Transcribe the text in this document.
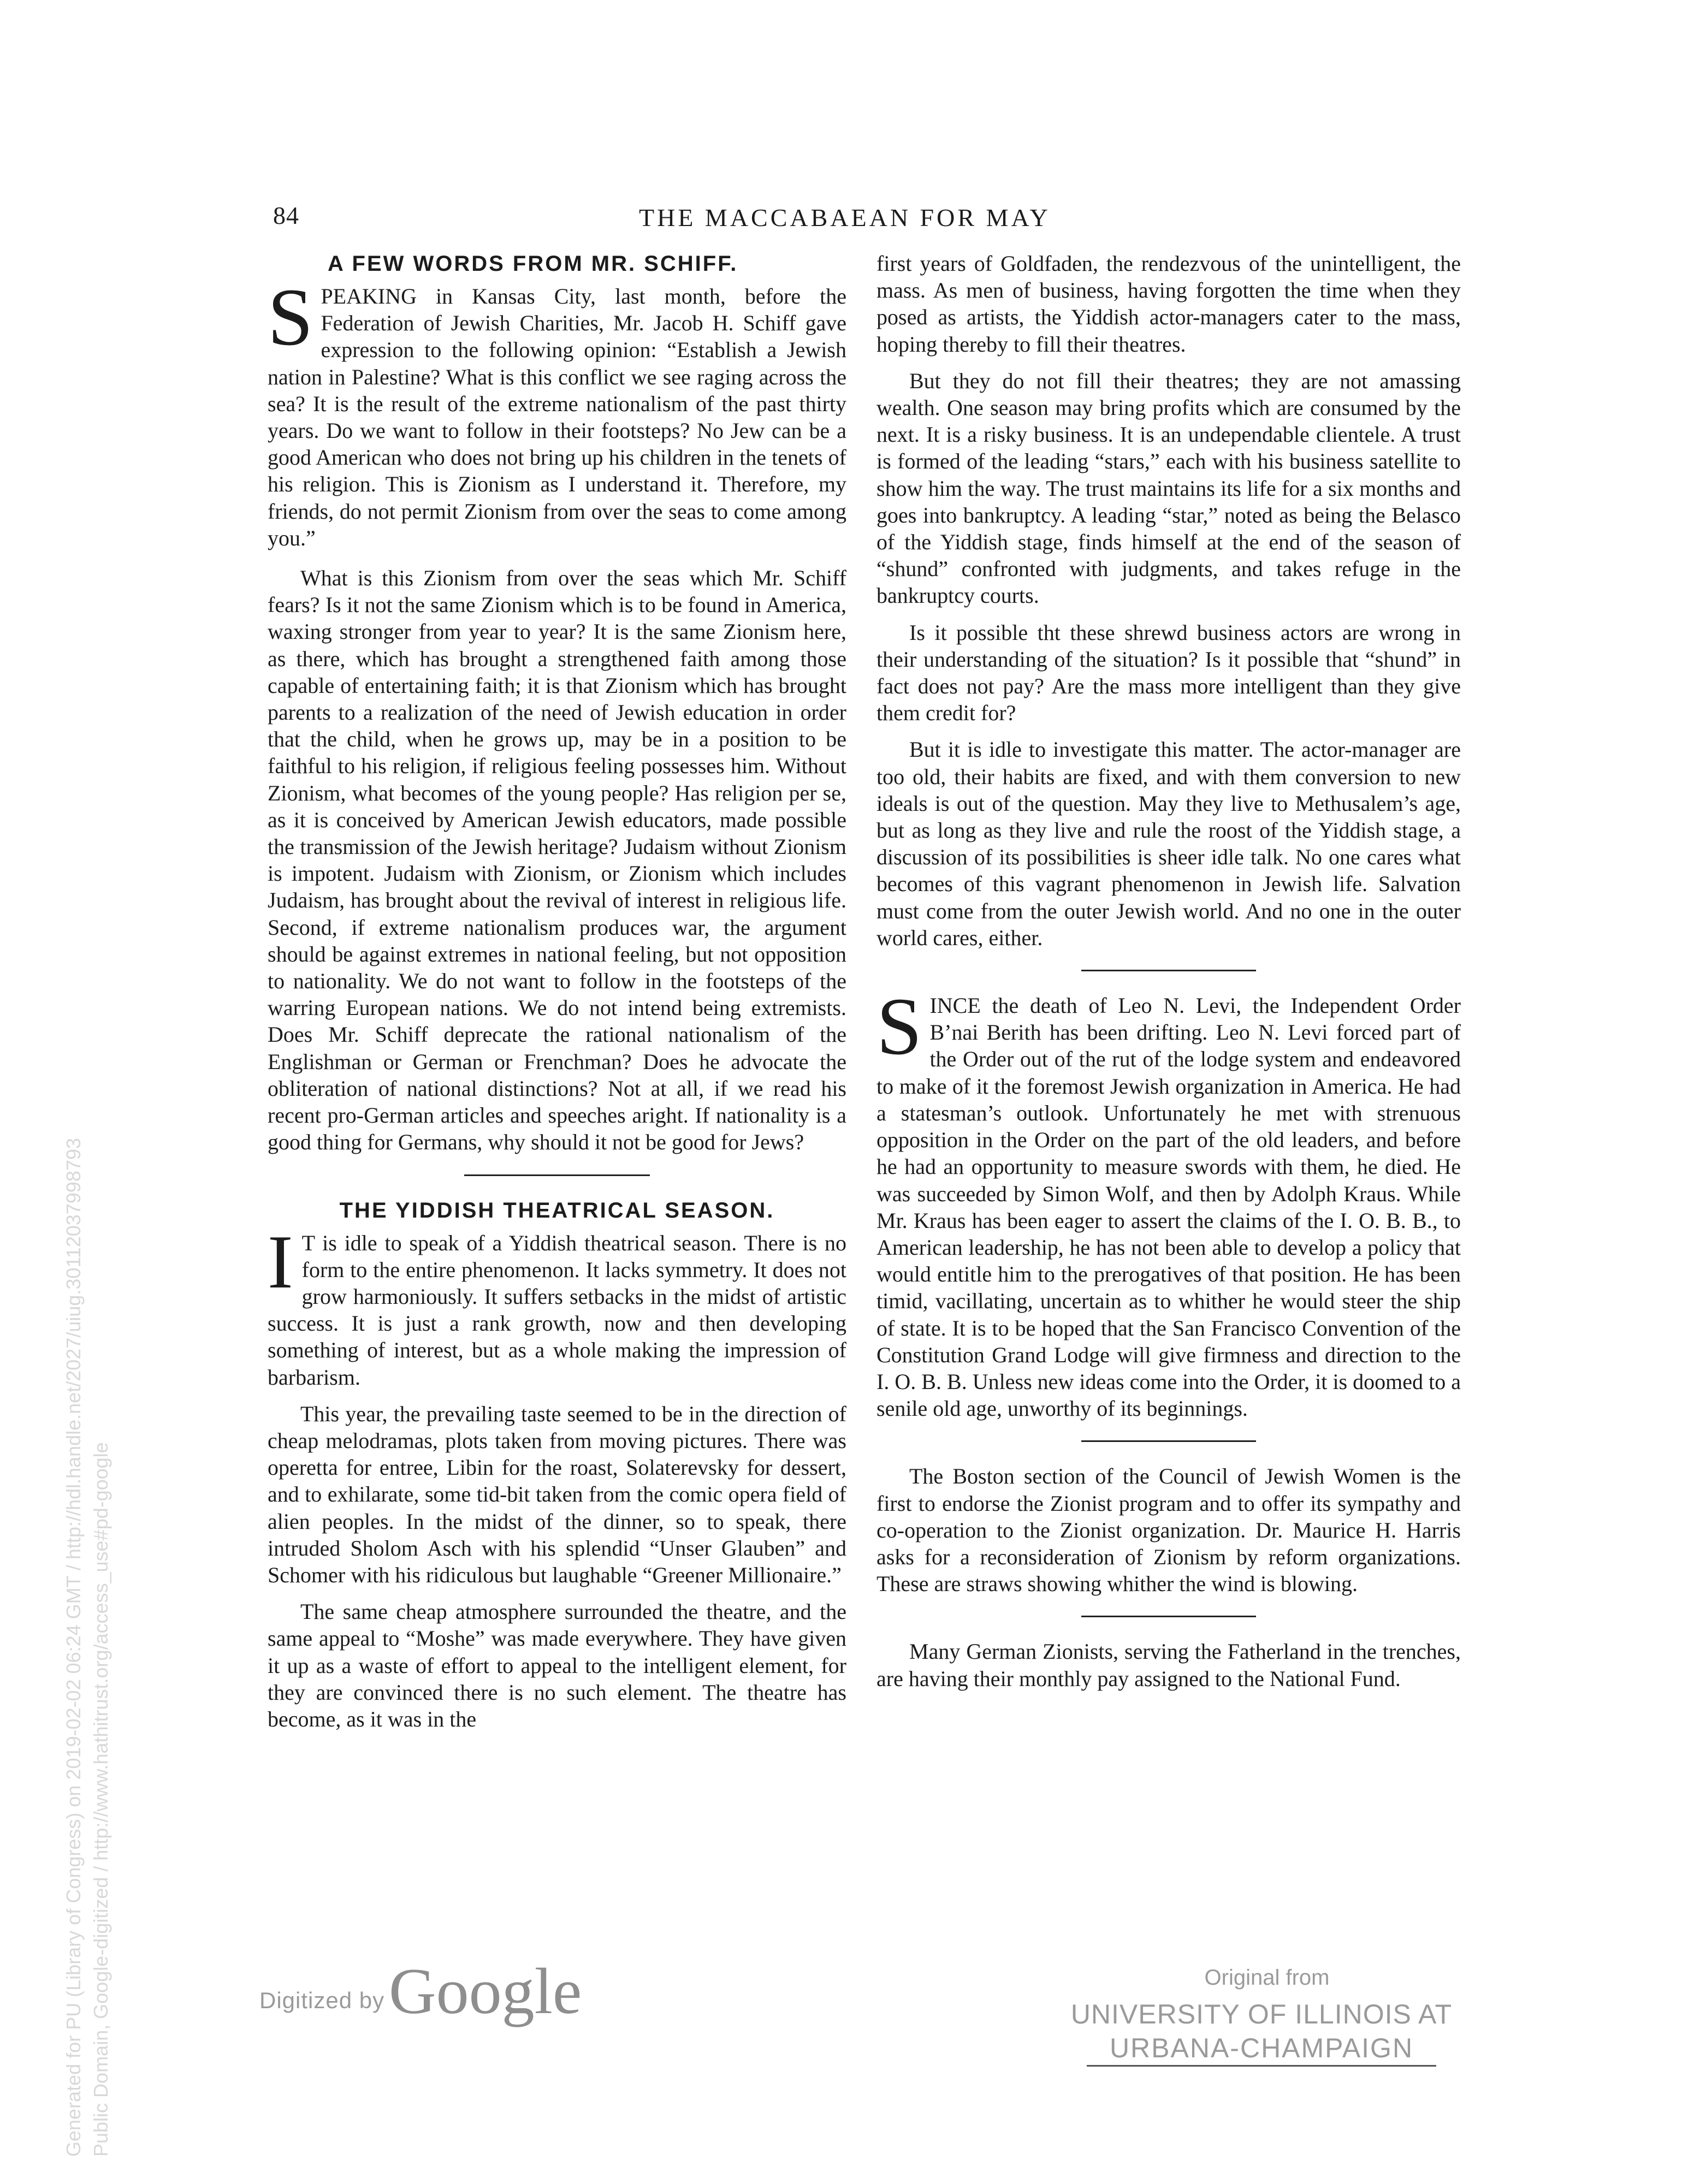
84	THE MACCABAEAN FOR MAY
A FEW WORDS FROM MR. SCHIFF.

SPEAKING in Kansas City, last month, before the Federation of Jewish Charities, Mr. Jacob H. Schiff gave expression to the following opinion: “Establish a Jewish nation in Palestine? What is this conflict we see raging across the sea? It is the result of the extreme nationalism of the past thirty years. Do we want to follow in their footsteps? No Jew can be a good American who does not bring up his children in the tenets of his religion. This is Zionism as I understand it. Therefore, my friends, do not permit Zionism from over the seas to come among you.”

What is this Zionism from over the seas which Mr. Schiff fears? Is it not the same Zionism which is to be found in America, waxing stronger from year to year? It is the same Zionism here, as there, which has brought a strengthened faith among those capable of entertaining faith; it is that Zionism which has brought parents to a realization of the need of Jewish education in order that the child, when he grows up, may be in a position to be faithful to his religion, if religious feeling possesses him. Without Zionism, what becomes of the young people? Has religion per se, as it is conceived by American Jewish educators, made possible the transmission of the Jewish heritage? Judaism without Zionism is impotent. Judaism with Zionism, or Zionism which includes Judaism, has brought about the revival of interest in religious life. Second, if extreme nationalism produces war, the argument should be against extremes in national feeling, but not opposition to nationality. We do not want to follow in the footsteps of the warring European nations. We do not intend being extremists. Does Mr. Schiff deprecate the rational nationalism of the Englishman or German or Frenchman? Does he advocate the obliteration of national distinctions? Not at all, if we read his recent pro-German articles and speeches aright. If nationality is a good thing for Germans, why should it not be good for Jews?

THE YIDDISH THEATRICAL SEASON.

I T is idle to speak of a Yiddish theatrical season. There is no form to the entire phenomenon. It lacks symmetry. It does not grow harmoniously. It suffers setbacks in the midst of artistic success. It is just a rank growth, now and then developing something of interest, but as a whole making the impression of barbarism.

This year, the prevailing taste seemed to be in the direction of cheap melodramas, plots taken from moving pictures. There was operetta for entree, Libin for the roast, Solaterevsky for dessert, and to exhilarate, some tid-bit taken from the comic opera field of alien peoples. In the midst of the dinner, so to speak, there intruded Sholom Asch with his splendid “Unser Glauben” and Schomer with his ridiculous but laughable “Greener Millionaire.”

The same cheap atmosphere surrounded the theatre, and the same appeal to “Moshe” was made everywhere. They have given it up as a waste of effort to appeal to the intelligent element, for they are convinced there is no such element. The theatre has become, as it was in the

first years of Goldfaden, the rendezvous of the unintelligent, the mass. As men of business, having forgotten the time when they posed as artists, the Yiddish actor-managers cater to the mass, hoping thereby to fill their theatres.

But they do not fill their theatres; they are not amassing wealth. One season may bring profits which are consumed by the next. It is a risky business. It is an undependable clientele. A trust is formed of the leading “stars,” each with his business satellite to show him the way. The trust maintains its life for a six months and goes into bankruptcy. A leading “star,” noted as being the Belasco of the Yiddish stage, finds himself at the end of the season of “shund” confronted with judgments, and takes refuge in the bankruptcy courts.

Is it possible tht these shrewd business actors are wrong in their understanding of the situation? Is it possible that “shund” in fact does not pay? Are the mass more intelligent than they give them credit for?

But it is idle to investigate this matter. The actor-manager are too old, their habits are fixed, and with them conversion to new ideals is out of the question. May they live to Methusalem’s age, but as long as they live and rule the roost of the Yiddish stage, a discussion of its possibilities is sheer idle talk. No one cares what becomes of this vagrant phenomenon in Jewish life. Salvation must come from the outer Jewish world. And no one in the outer world cares, either.

SINCE the death of Leo N. Levi, the Independent Order B’nai Berith has been drifting. Leo N. Levi forced part of the Order out of the rut of the lodge system and endeavored to make of it the foremost Jewish organization in America. He had a statesman’s outlook. Unfortunately he met with strenuous opposition in the Order on the part of the old leaders, and before he had an opportunity to measure swords with them, he died. He was succeeded by Simon Wolf, and then by Adolph Kraus. While Mr. Kraus has been eager to assert the claims of the I. O. B. B., to American leadership, he has not been able to develop a policy that would entitle him to the prerogatives of that position. He has been timid, vacillating, uncertain as to whither he would steer the ship of state. It is to be hoped that the San Francisco Convention of the Constitution Grand Lodge will give firmness and direction to the I. O. B. B. Unless new ideas come into the Order, it is doomed to a senile old age, unworthy of its beginnings.

The Boston section of the Council of Jewish Women is the first to endorse the Zionist program and to offer its sympathy and co-operation to the Zionist organization. Dr. Maurice H. Harris asks for a reconsideration of Zionism by reform organizations. These are straws showing whither the wind is blowing.

Many German Zionists, serving the Fatherland in the trenches, are having their monthly pay assigned to the National Fund.

Digitized by Google	Original from
UNIVERSITY OF ILLINOIS AT
URBANA-CHAMPAIGN
Generated for PU (Library of Congress) on 2019-02-02 06:24 GMT / http://hdl.handle.net/2027/uiug.30112037998793 Public Domain, Google-digitized / http://www.hathitrust.org/access_use#pd-google
